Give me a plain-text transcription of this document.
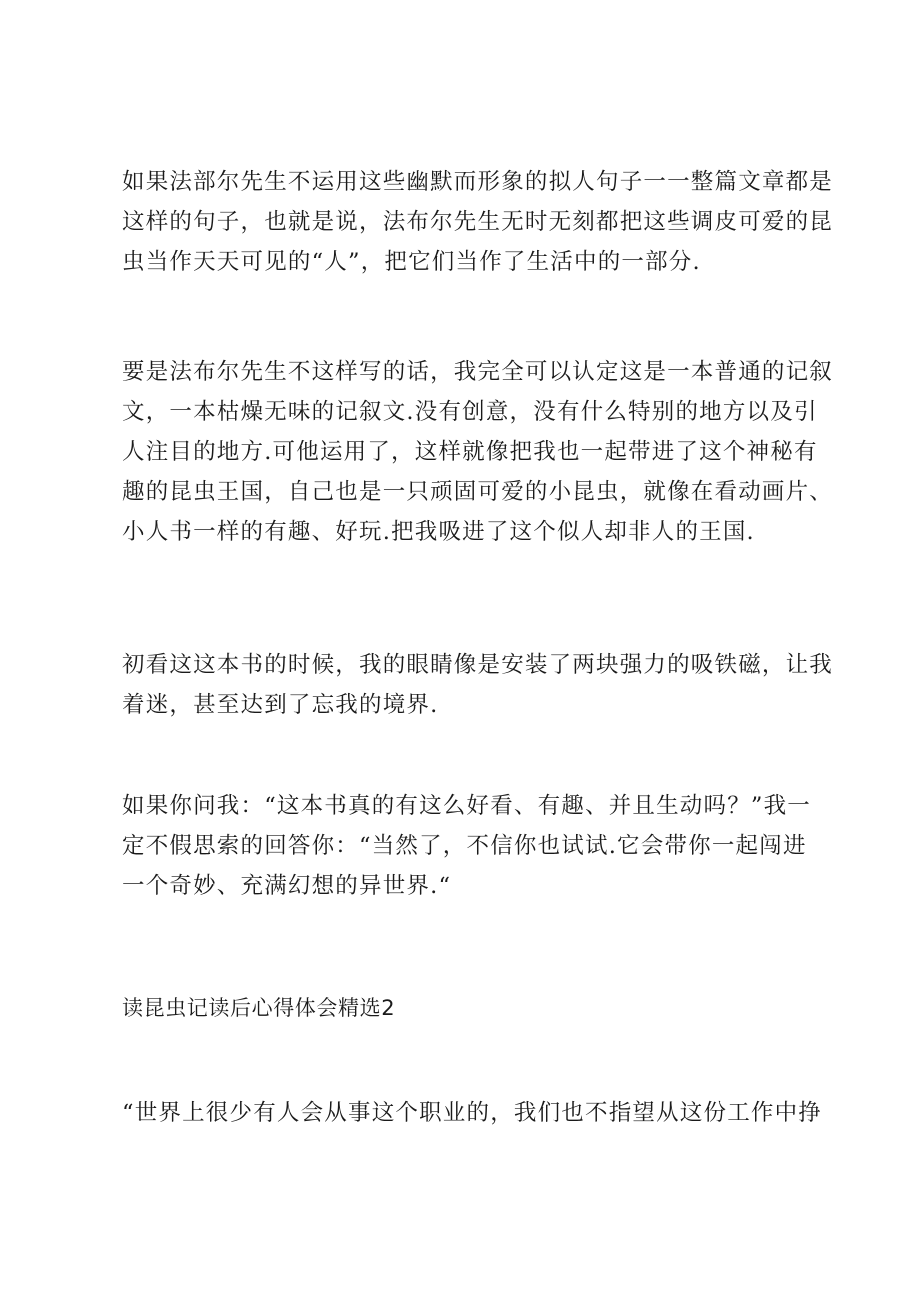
如果法部尔先生不运用这些幽默而形象的拟人句子一一整篇文章都是
这样的句子，也就是说，法布尔先生无时无刻都把这些调皮可爱的昆
虫当作天天可见的“人”，把它们当作了生活中的一部分.

要是法布尔先生不这样写的话，我完全可以认定这是一本普通的记叙
文，一本枯燥无味的记叙文.没有创意，没有什么特别的地方以及引
人注目的地方.可他运用了，这样就像把我也一起带进了这个神秘有
趣的昆虫王国，自己也是一只顽固可爱的小昆虫，就像在看动画片、
小人书一样的有趣、好玩.把我吸进了这个似人却非人的王国.

初看这这本书的时候，我的眼睛像是安装了两块强力的吸铁磁，让我
着迷，甚至达到了忘我的境界.

如果你问我：“这本书真的有这么好看、有趣、并且生动吗？”我一
定不假思索的回答你：“当然了，不信你也试试.它会带你一起闯进
一个奇妙、充满幻想的异世界.“

读昆虫记读后心得体会精选2

“世界上很少有人会从事这个职业的，我们也不指望从这份工作中挣
